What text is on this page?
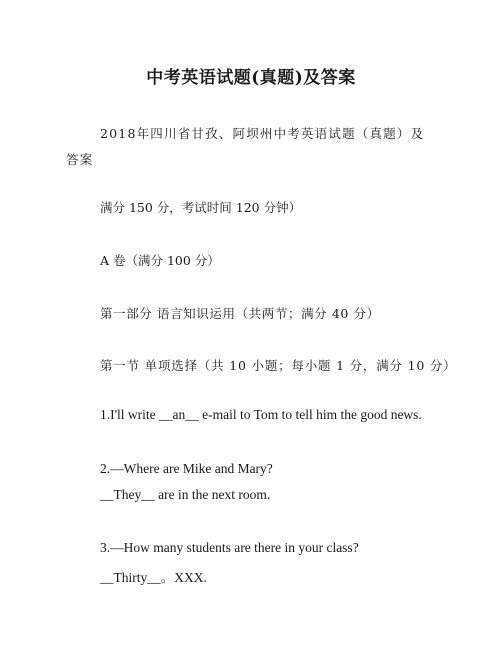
中考英语试题(真题)及答案
2018年四川省甘孜、阿坝州中考英语试题（真题）及答案
满分 150 分，考试时间 120 分钟）
A 卷（满分 100 分）
第一部分 语言知识运用（共两节；满分 40 分）
第一节 单项选择（共 10 小题；每小题 1 分，满分 10 分）
1.I'll write __an__ e-mail to Tom to tell him the good news.
2.—Where are Mike and Mary?
__They__ are in the next room.
3.—How many students are there in your class?
__Thirty__。XXX.
